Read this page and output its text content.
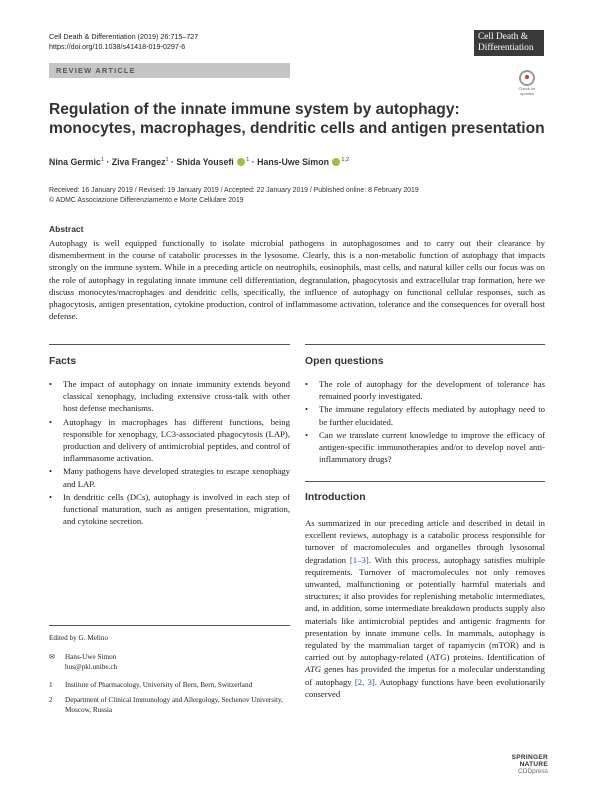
Cell Death & Differentiation (2019) 26:715–727
https://doi.org/10.1038/s41418-019-0297-6
Cell Death &
Differentiation
REVIEW ARTICLE
Check for updates
Regulation of the innate immune system by autophagy: monocytes, macrophages, dendritic cells and antigen presentation
Nina Germic$^1$ · Ziva Frangez$^1$ · Shida Yousefi $^1$ · Hans-Uwe Simon $^{1,2}$
Received: 16 January 2019 / Revised: 19 January 2019 / Accepted: 22 January 2019 / Published online: 8 February 2019
© ADMC Associazione Differenziamento e Morte Cellulare 2019
Abstract
Autophagy is well equipped functionally to isolate microbial pathogens in autophagosomes and to carry out their clearance by dismemberment in the course of catabolic processes in the lysosome. Clearly, this is a non-metabolic function of autophagy that impacts strongly on the immune system. While in a preceding article on neutrophils, eosinophils, mast cells, and natural killer cells our focus was on the role of autophagy in regulating innate immune cell differentiation, degranulation, phagocytosis and extracellular trap formation, here we discuss monocytes/macrophages and dendritic cells, specifically, the influence of autophagy on functional cellular responses, such as phagocytosis, antigen presentation, cytokine production, control of inflammasome activation, tolerance and the consequences for overall host defense.
Facts
• The impact of autophagy on innate immunity extends beyond classical xenophagy, including extensive cross-talk with other host defense mechanisms.
• Autophagy in macrophages has different functions, being responsible for xenophagy, LC3-associated phagocytosis (LAP), production and delivery of antimicrobial peptides, and control of inflammasome activation.
• Many pathogens have developed strategies to escape xenophagy and LAP.
• In dendritic cells (DCs), autophagy is involved in each step of functional maturation, such as antigen presentation, migration, and cytokine secretion.
Open questions
• The role of autophagy for the development of tolerance has remained poorly investigated.
• The immune regulatory effects mediated by autophagy need to be further elucidated.
• Can we translate current knowledge to improve the efficacy of antigen-specific immunotherapies and/or to develop novel anti-inflammatory drugs?
Introduction
As summarized in our preceding article and described in detail in excellent reviews, autophagy is a catabolic process responsible for turnover of macromolecules and organelles through lysosomal degradation [1–3]. With this process, autophagy satisfies multiple requirements. Turnover of macromolecules not only removes unwanted, malfunctioning or potentially harmful materials and structures; it also provides for replenishing metabolic intermediates, and, in addition, some intermediate breakdown products supply also materials like antimicrobial peptides and antigenic fragments for presentation by innate immune cells. In mammals, autophagy is regulated by the mammalian target of rapamycin (mTOR) and is carried out by autophagy-related (ATG) proteins. Identification of ATG genes has provided the impetus for a molecular understanding of autophagy [2, 3]. Autophagy functions have been evolutionarily conserved
Edited by G. Melino
✉ Hans-Uwe Simon
hus@pki.unibe.ch
1 Institute of Pharmacology, University of Bern, Bern, Switzerland
2 Department of Clinical Immunology and Allergology, Sechenov University, Moscow, Russia
SPRINGER NATURE
CDDpress
